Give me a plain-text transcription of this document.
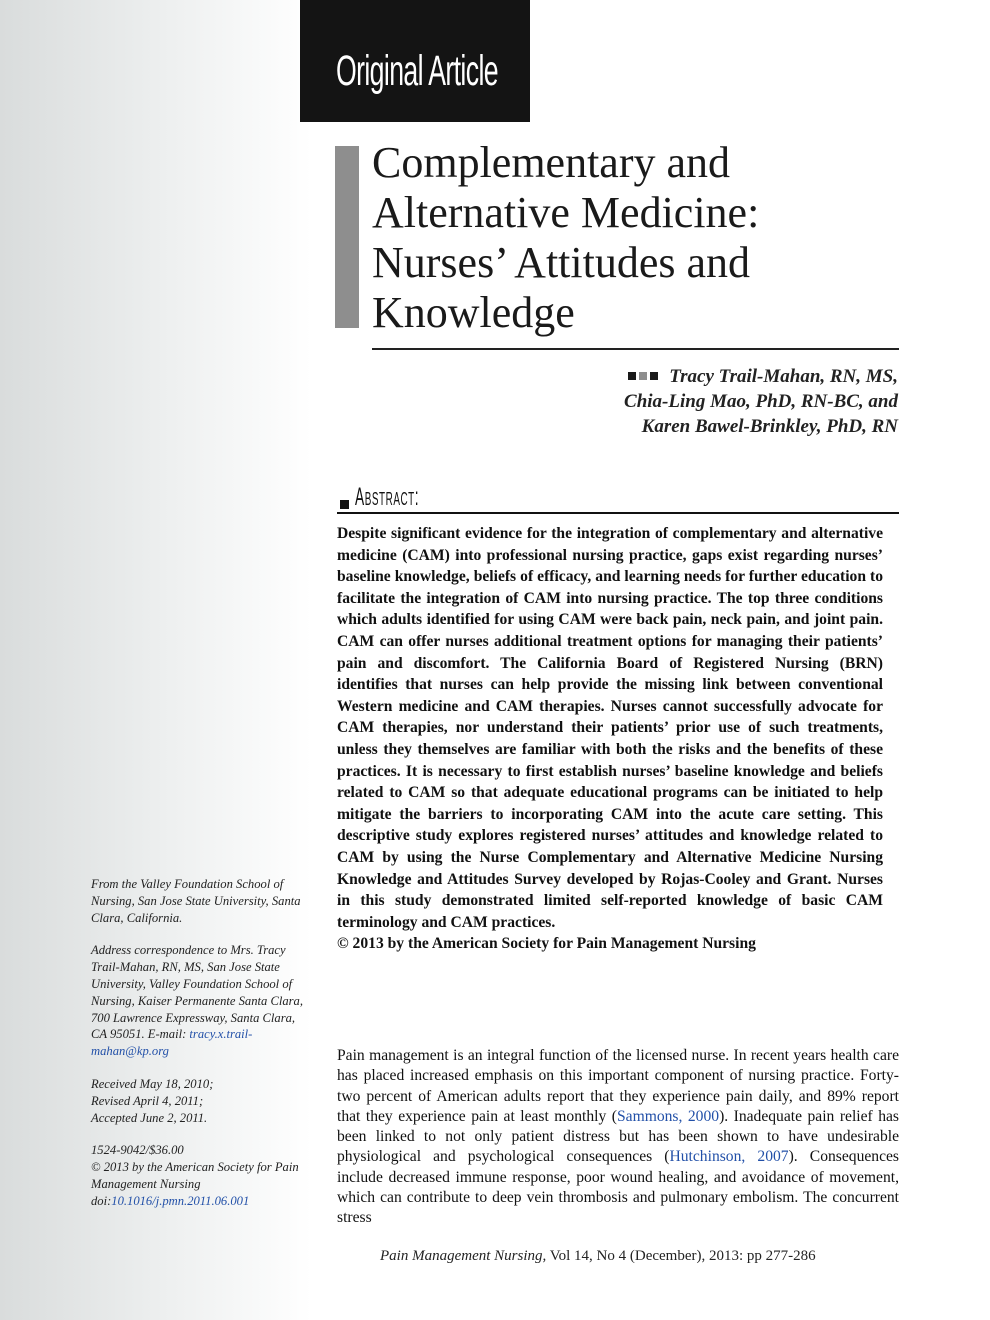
Original Article
Complementary and
Alternative Medicine:
Nurses’ Attitudes and
Knowledge
Tracy Trail-Mahan, RN, MS,
Chia-Ling Mao, PhD, RN-BC, and
Karen Bawel-Brinkley, PhD, RN
Abstract:

Despite significant evidence for the integration of complementary and alternative medicine (CAM) into professional nursing practice, gaps exist regarding nurses’ baseline knowledge, beliefs of efficacy, and learning needs for further education to facilitate the integration of CAM into nursing practice. The top three conditions which adults identified for using CAM were back pain, neck pain, and joint pain. CAM can offer nurses additional treatment options for managing their patients’ pain and discomfort. The California Board of Registered Nursing (BRN) identifies that nurses can help provide the missing link between conventional Western medicine and CAM therapies. Nurses cannot successfully advocate for CAM therapies, nor understand their patients’ prior use of such treatments, unless they themselves are familiar with both the risks and the benefits of these practices. It is necessary to first establish nurses’ baseline knowledge and beliefs related to CAM so that adequate educational programs can be initiated to help mitigate the barriers to incorporating CAM into the acute care setting. This descriptive study explores registered nurses’ attitudes and knowledge related to CAM by using the Nurse Complementary and Alternative Medicine Nursing Knowledge and Attitudes Survey developed by Rojas-Cooley and Grant. Nurses in this study demonstrated limited self-reported knowledge of basic CAM terminology and CAM practices.

© 2013 by the American Society for Pain Management Nursing

From the Valley Foundation School of Nursing, San Jose State University, Santa Clara, California.

Address correspondence to Mrs. Tracy Trail-Mahan, RN, MS, San Jose State University, Valley Foundation School of Nursing, Kaiser Permanente Santa Clara, 700 Lawrence Expressway, Santa Clara, CA 95051. E-mail: tracy.x.trail-mahan@kp.org

Received May 18, 2010;
Revised April 4, 2011;
Accepted June 2, 2011.

1524-9042/$36.00
© 2013 by the American Society for Pain Management Nursing
doi:10.1016/j.pmn.2011.06.001

Pain management is an integral function of the licensed nurse. In recent years health care has placed increased emphasis on this important component of nursing practice. Forty-two percent of American adults report that they experience pain daily, and 89% report that they experience pain at least monthly (Sammons, 2000). Inadequate pain relief has been linked to not only patient distress but has been shown to have undesirable physiological and psychological consequences (Hutchinson, 2007). Consequences include decreased immune response, poor wound healing, and avoidance of movement, which can contribute to deep vein thrombosis and pulmonary embolism. The concurrent stress

Pain Management Nursing, Vol 14, No 4 (December), 2013: pp 277-286
